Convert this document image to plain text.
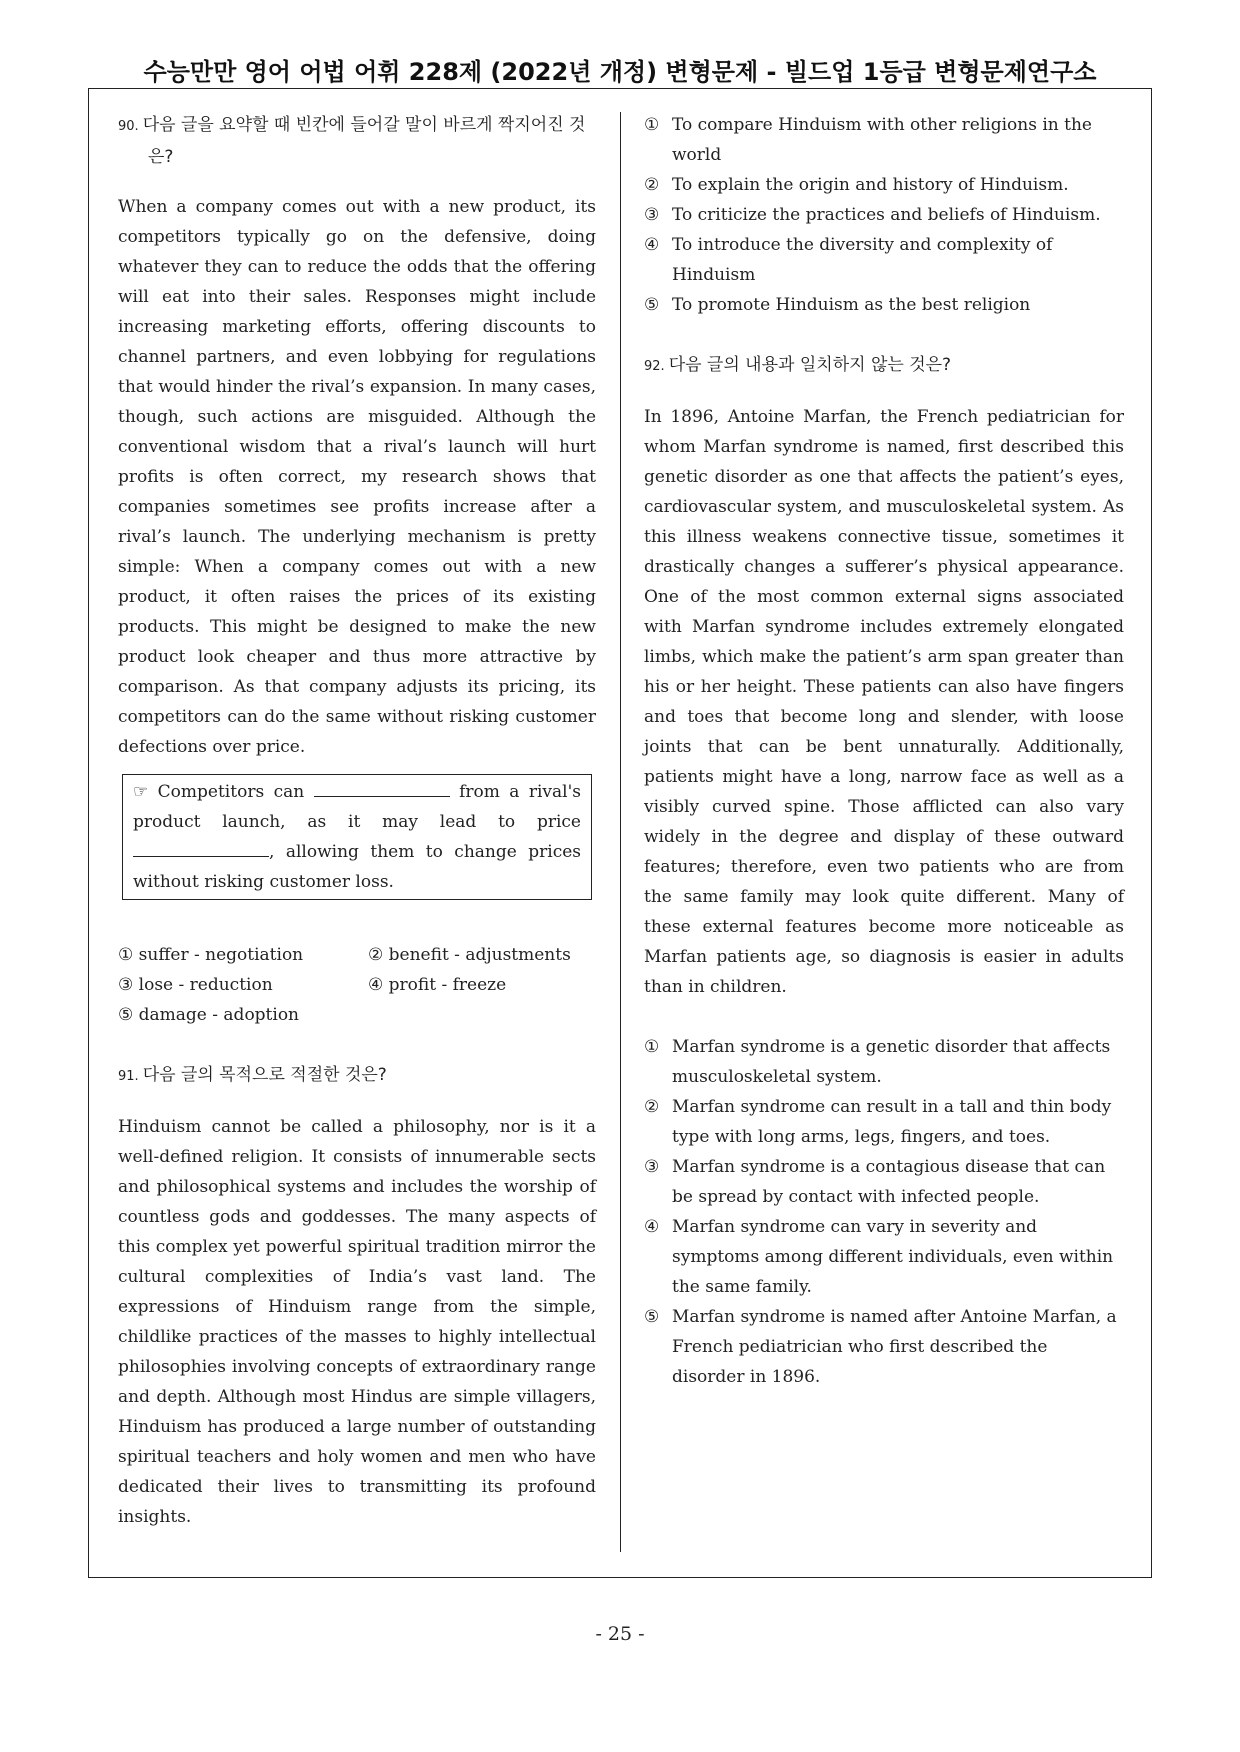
수능만만 영어 어법 어휘 228제 (2022년 개정) 변형문제 - 빌드업 1등급 변형문제연구소
90. 다음 글을 요약할 때 빈칸에 들어갈 말이 바르게 짝지어진 것은?

When a company comes out with a new product, its competitors typically go on the defensive, doing whatever they can to reduce the odds that the offering will eat into their sales. Responses might include increasing marketing efforts, offering discounts to channel partners, and even lobbying for regulations that would hinder the rival’s expansion. In many cases, though, such actions are misguided. Although the conventional wisdom that a rival’s launch will hurt profits is often correct, my research shows that companies sometimes see profits increase after a rival’s launch. The underlying mechanism is pretty simple: When a company comes out with a new product, it often raises the prices of its existing products. This might be designed to make the new product look cheaper and thus more attractive by comparison. As that company adjusts its pricing, its competitors can do the same without risking customer defections over price.

☞ Competitors can	from a rival's product launch, as it may lead to price , allowing them to change prices without risking customer loss.
① suffer - negotiation	② benefit - adjustments
③ lose - reduction	④ profit - freeze
⑤ damage - adoption
91. 다음 글의 목적으로 적절한 것은?

Hinduism cannot be called a philosophy, nor is it a well-defined religion. It consists of innumerable sects and philosophical systems and includes the worship of countless gods and goddesses. The many aspects of this complex yet powerful spiritual tradition mirror the cultural complexities of India’s vast land. The expressions of Hinduism range from the simple, childlike practices of the masses to highly intellectual philosophies involving concepts of extraordinary range and depth. Although most Hindus are simple villagers, Hinduism has produced a large number of outstanding spiritual teachers and holy women and men who have dedicated their lives to transmitting its profound insights.

① To compare Hinduism with other religions in the world
② To explain the origin and history of Hinduism.
③ To criticize the practices and beliefs of Hinduism.
④ To introduce the diversity and complexity of Hinduism
⑤ To promote Hinduism as the best religion
92. 다음 글의 내용과 일치하지 않는 것은?

In 1896, Antoine Marfan, the French pediatrician for whom Marfan syndrome is named, first described this genetic disorder as one that affects the patient’s eyes, cardiovascular system, and musculoskeletal system. As this illness weakens connective tissue, sometimes it drastically changes a sufferer’s physical appearance. One of the most common external signs associated with Marfan syndrome includes extremely elongated limbs, which make the patient’s arm span greater than his or her height. These patients can also have fingers and toes that become long and slender, with loose joints that can be bent unnaturally. Additionally, patients might have a long, narrow face as well as a visibly curved spine. Those afflicted can also vary widely in the degree and display of these outward features; therefore, even two patients who are from the same family may look quite different. Many of these external features become more noticeable as Marfan patients age, so diagnosis is easier in adults than in children.

① Marfan syndrome is a genetic disorder that affects musculoskeletal system.
② Marfan syndrome can result in a tall and thin body type with long arms, legs, fingers, and toes.
③ Marfan syndrome is a contagious disease that can be spread by contact with infected people.
④ Marfan syndrome can vary in severity and symptoms among different individuals, even within the same family.
⑤ Marfan syndrome is named after Antoine Marfan, a French pediatrician who first described the disorder in 1896.
- 25 -
